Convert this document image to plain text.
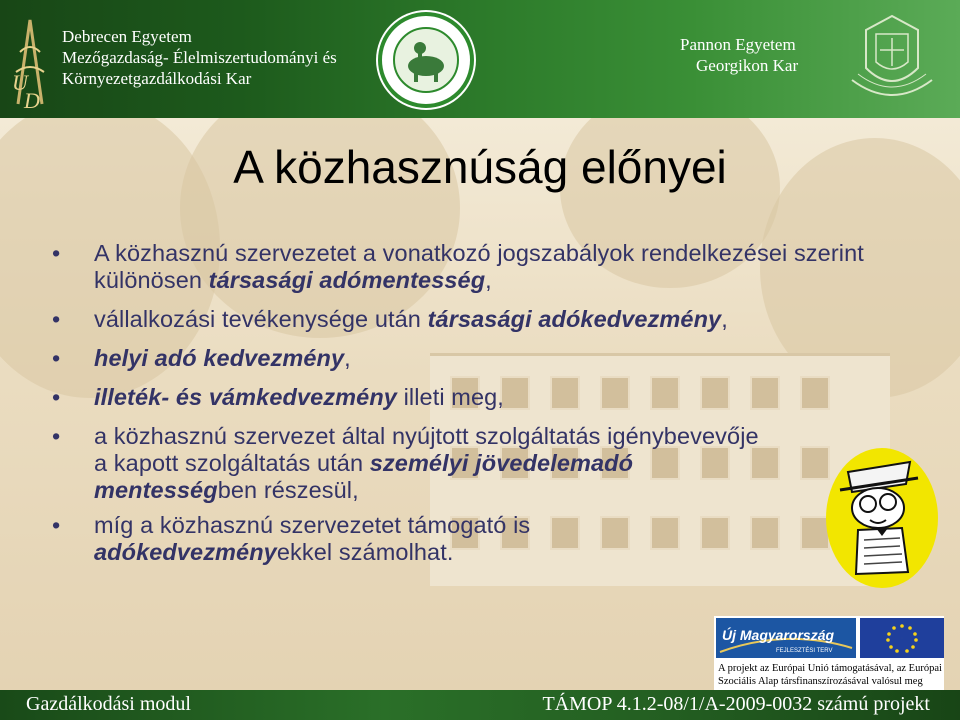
U
D
Debrecen Egyetem
Mezőgazdaság- Élelmiszertudományi és
Környezetgazdálkodási Kar
Pannon Egyetem
Georgikon Kar
A közhasznúság előnyei
• A közhasznú szervezetet a vonatkozó jogszabályok rendelkezései szerint különösen társasági adómentesség,
• vállalkozási tevékenysége után társasági adókedvezmény,
• helyi adó kedvezmény,
• illeték- és vámkedvezmény illeti meg,
• a közhasznú szervezet által nyújtott szolgáltatás igénybevevője a kapott szolgáltatás után személyi jövedelemadó mentességben részesül,
• míg a közhasznú szervezetet támogató is adókedvezményekkel számolhat.
Új Magyarország
FEJLESZTÉSI TERV
A projekt az Európai Unió támogatásával, az Európai
Szociális Alap társfinanszírozásával valósul meg
Gazdálkodási modul	TÁMOP 4.1.2-08/1/A-2009-0032 számú projekt
